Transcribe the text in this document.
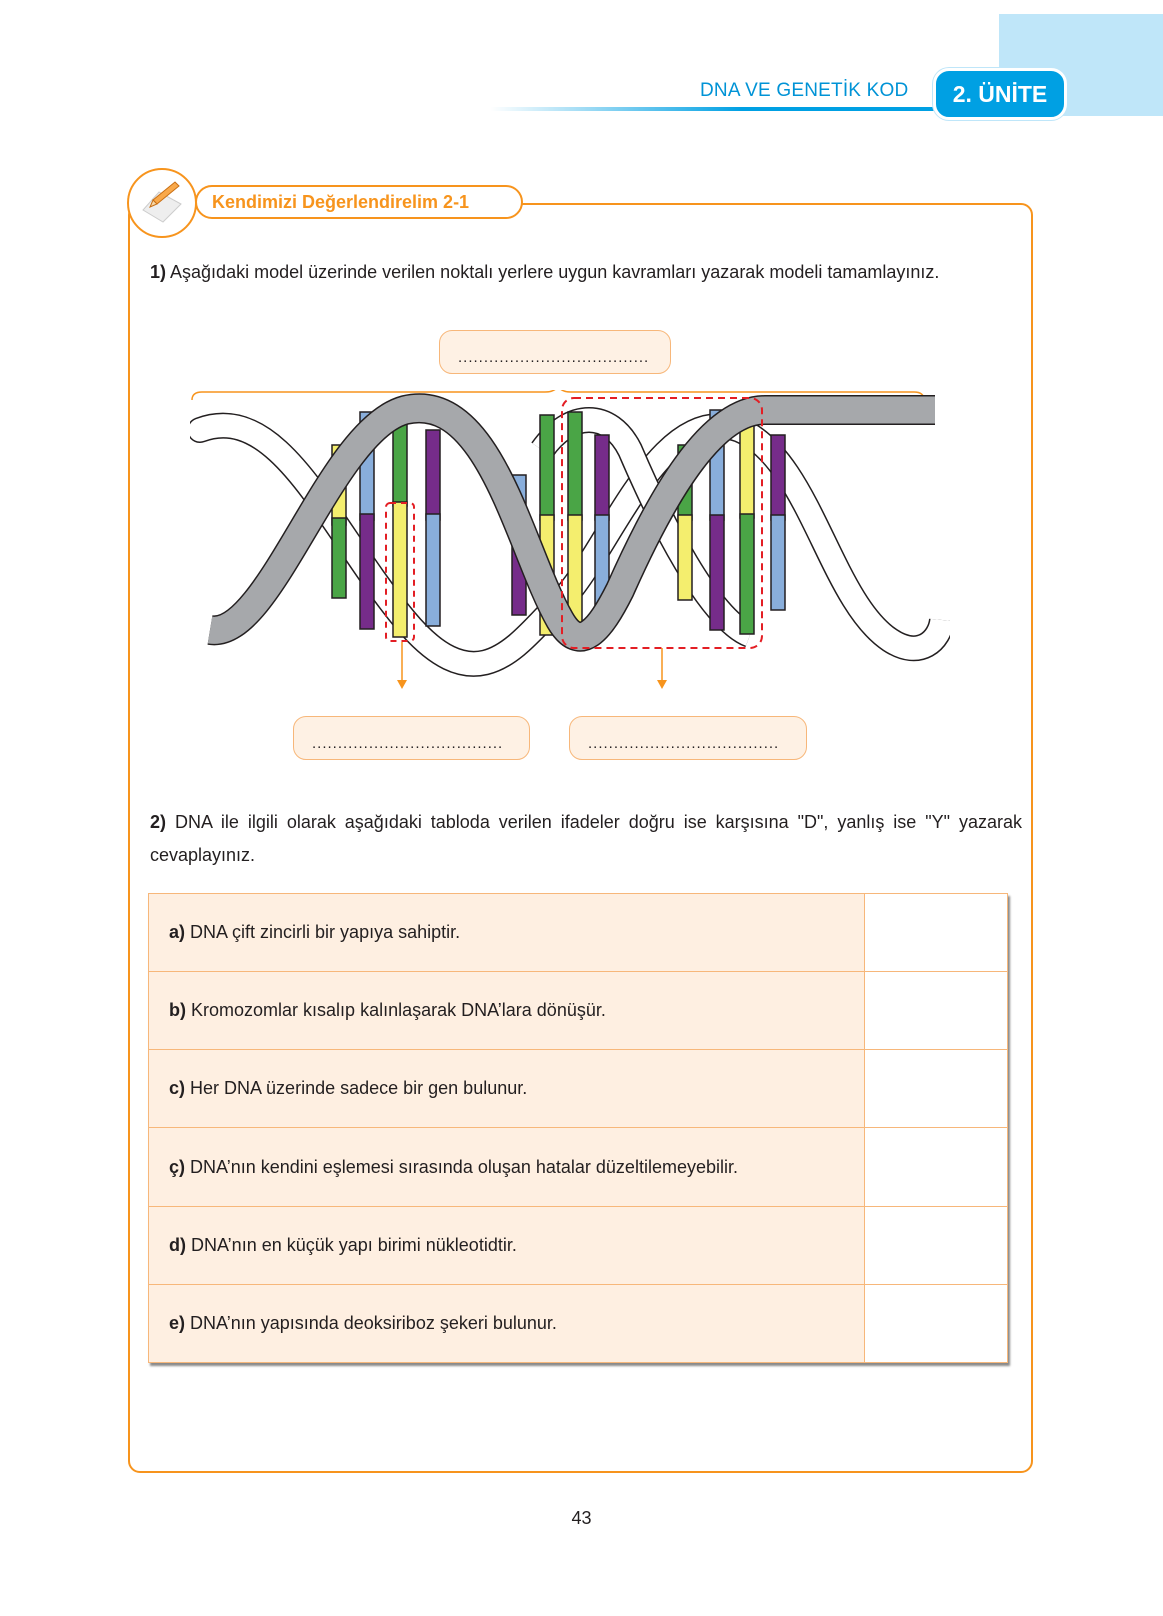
DNA VE GENETİK KOD	2. ÜNİTE
Kendimizi Değerlendirelim 2-1
1) Aşağıdaki model üzerinde verilen noktalı yerlere uygun kavramları yazarak modeli tamamlayınız.
.....................................
.....................................	.....................................
2) DNA ile ilgili olarak aşağıdaki tabloda verilen ifadeler doğru ise karşısına "D", yanlış ise "Y" yazarak cevaplayınız.
a) DNA çift zincirli bir yapıya sahiptir.	
b) Kromozomlar kısalıp kalınlaşarak DNA’lara dönüşür.	
c) Her DNA üzerinde sadece bir gen bulunur.	
ç) DNA’nın kendini eşlemesi sırasında oluşan hatalar düzeltilemeyebilir.	
d) DNA’nın en küçük yapı birimi nükleotidtir.	
e) DNA’nın yapısında deoksiriboz şekeri bulunur.	
43
